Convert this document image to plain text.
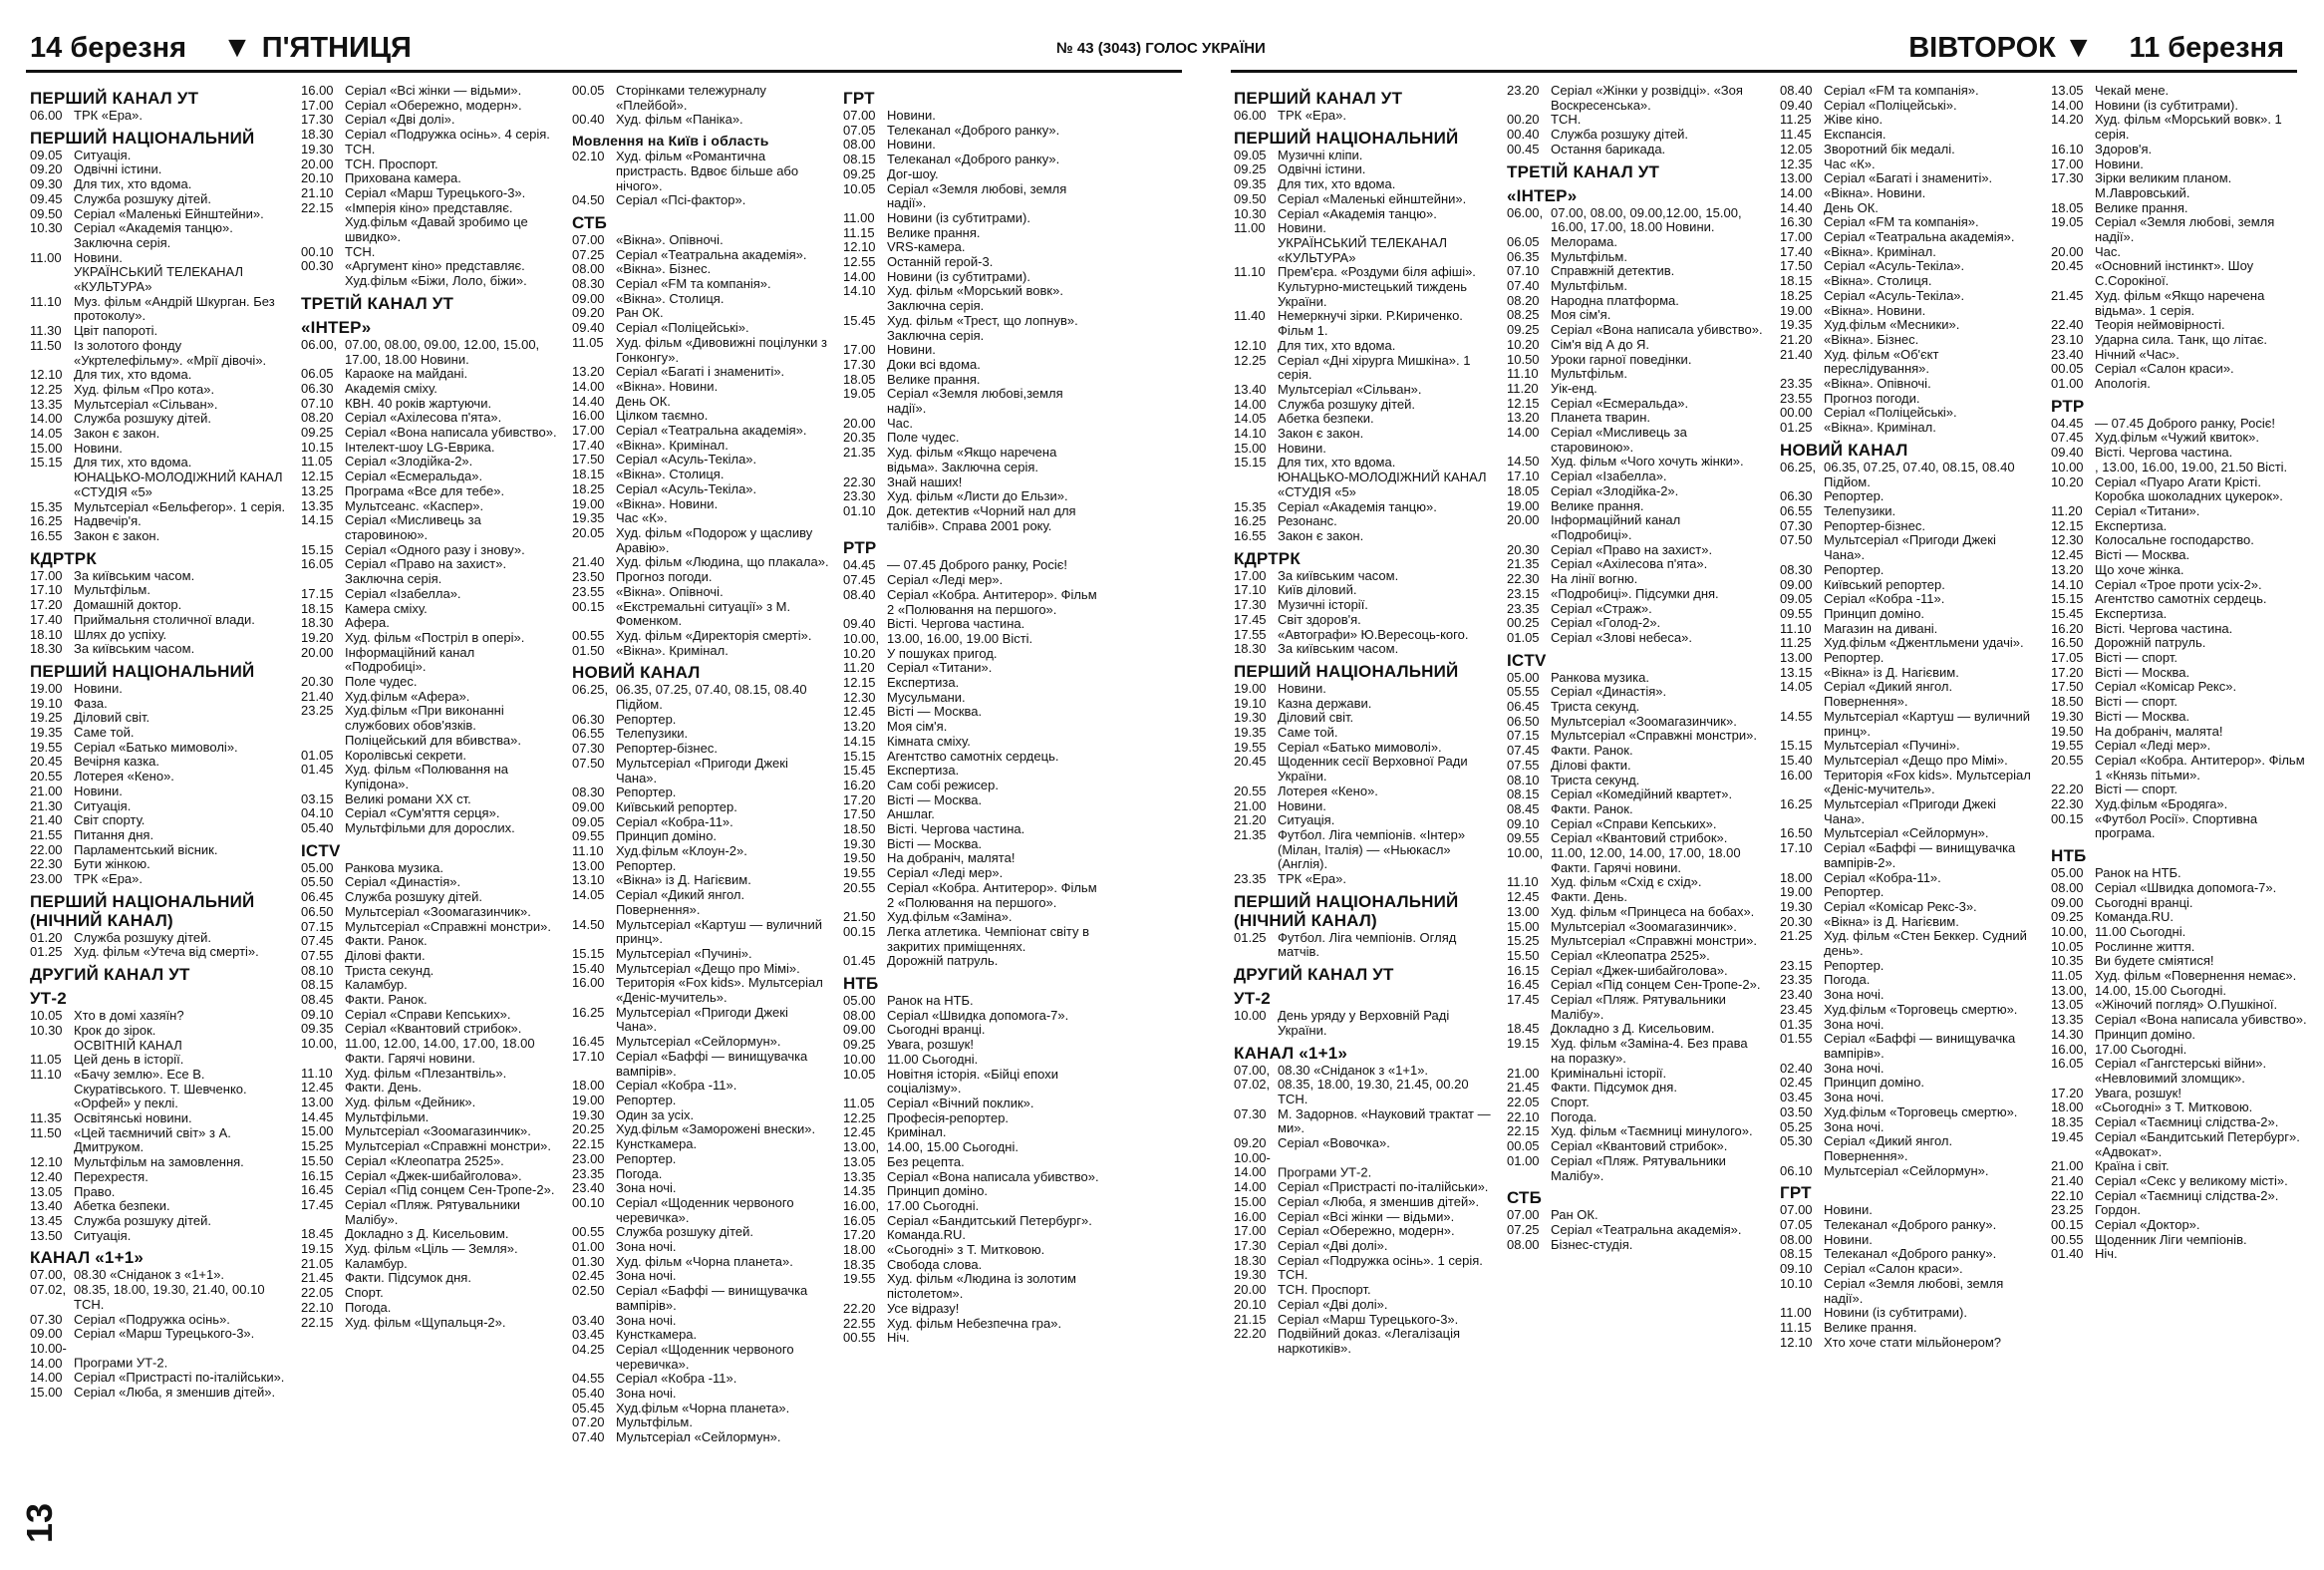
14 березня ▼ П'ЯТНИЦЯ	№ 43 (3043) ГОЛОС УКРАЇНИ	ВІВТОРОК ▼ 11 березня
ПЕРШИЙ КАНАЛ УТ
06.00 ТРК «Ера».
ПЕРШИЙ НАЦІОНАЛЬНИЙ
09.05 Ситуація.
09.20 Одвічні істини.
09.30 Для тих, хто вдома.
09.45 Служба розшуку дітей.
09.50 Серіал «Маленькі Ейнштейни».
10.30 Серіал «Академія танцю». Заключна серія.
11.00 Новини.
УКРАЇНСЬКИЙ ТЕЛЕКАНАЛ «КУЛЬТУРА»
11.10 Муз. фільм «Андрій Шкурган. Без протоколу».
11.30 Цвіт папороті.
11.50 Із золотого фонду «Укртелефільму». «Мрії дівочі».
12.10 Для тих, хто вдома.
12.25 Худ. фільм «Про кота».
13.35 Мультсеріал «Сільван».
14.00 Служба розшуку дітей.
14.05 Закон є закон.
15.00 Новини.
15.15 Для тих, хто вдома.
ЮНАЦЬКО-МОЛОДІЖНИЙ КАНАЛ «СТУДІЯ «5»
15.35 Мультсеріал «Бельфегор». 1 серія.
16.25 Надвечір'я.
16.55 Закон є закон.
КДРТРК
17.00 За київським часом.
17.10 Мультфільм.
17.20 Домашній доктор.
17.40 Приймальня столичної влади.
18.10 Шлях до успіху.
18.30 За київським часом.
ПЕРШИЙ НАЦІОНАЛЬНИЙ
19.00 Новини.
19.10 Фаза.
19.25 Діловий світ.
19.35 Саме той.
19.55 Серіал «Батько мимоволі».
20.45 Вечірня казка.
20.55 Лотерея «Кено».
21.00 Новини.
21.30 Ситуація.
21.40 Світ спорту.
21.55 Питання дня.
22.00 Парламентський вісник.
22.30 Бути жінкою.
23.00 ТРК «Ера».
ПЕРШИЙ НАЦІОНАЛЬНИЙ (НІЧНИЙ КАНАЛ)
01.20 Служба розшуку дітей.
01.25 Худ. фільм «Утеча від смерті».
ДРУГИЙ КАНАЛ УТ
УТ-2
10.05 Хто в домі хазяїн?
10.30 Крок до зірок.
ОСВІТНІЙ КАНАЛ
11.05 Цей день в історії.
11.10 «Бачу землю». Есе В. Скуратівського. Т. Шевченко. «Орфей» у пеклі.
11.35 Освітянські новини.
11.50 «Цей таємничий світ» з А. Дмитруком.
12.10 Мультфільм на замовлення.
12.40 Перехрестя.
13.05 Право.
13.40 Абетка безпеки.
13.45 Служба розшуку дітей.
13.50 Ситуація.
КАНАЛ «1+1»
07.00, 08.30 «Сніданок з «1+1».
07.02, 08.35, 18.00, 19.30, 21.40, 00.10 ТСН.
07.30 Серіал «Подружка осінь».
09.00 Серіал «Марш Турецького-3».
10.00-14.00 Програми УТ-2.
14.00 Серіал «Пристрасті по-італійськи».
15.00 Серіал «Люба, я зменшив дітей».
16.00 Серіал «Всі жінки — відьми».
17.00 Серіал «Обережно, модерн».
17.30 Серіал «Дві долі».
18.30 Серіал «Подружка осінь». 4 серія.
19.30 ТСН.
20.00 ТСН. Проспорт.
20.10 Прихована камера.
21.10 Серіал «Марш Турецького-3».
22.15 «Імперія кіно» представляє. Худ.фільм «Давай зробимо це швидко».
00.10 ТСН.
00.30 «Аргумент кіно» представляє. Худ.фільм «Біжи, Лоло, біжи».
ТРЕТІЙ КАНАЛ УТ
«ІНТЕР»
06.00, 07.00, 08.00, 09.00, 12.00, 15.00, 17.00, 18.00 Новини.
06.05 Караоке на майдані.
06.30 Академія сміху.
07.10 КВН. 40 років жартуючи.
08.20 Серіал «Ахілесова п'ята».
09.25 Серіал «Вона написала убивство».
10.15 Інтелект-шоу LG-Еврика.
11.05 Серіал «Злодійка-2».
12.15 Серіал «Есмеральда».
13.25 Програма «Все для тебе».
13.35 Мультсеанс. «Каспер».
14.15 Серіал «Мисливець за старовиною».
15.15 Серіал «Одного разу і знову».
16.05 Серіал «Право на захист». Заключна серія.
17.15 Серіал «Ізабелла».
18.15 Камера сміху.
18.30 Афера.
19.20 Худ. фільм «Постріл в опері».
20.00 Інформаційний канал «Подробиці».
20.30 Поле чудес.
21.40 Худ.фільм «Афера».
23.25 Худ.фільм «При виконанні службових обов'язків. Поліцейський для вбивства».
01.05 Королівські секрети.
01.45 Худ. фільм «Полювання на Купідона».
03.15 Великі романи XX ст.
04.10 Серіал «Сум'яття серця».
05.40 Мультфільми для дорослих.
ICTV
05.00 Ранкова музика.
05.50 Серіал «Династія».
06.45 Служба розшуку дітей.
06.50 Мультсеріал «Зоомагазинчик».
07.15 Мультсеріал «Справжні монстри».
07.45 Факти. Ранок.
07.55 Ділові факти.
08.10 Триста секунд.
08.15 Каламбур.
08.45 Факти. Ранок.
09.10 Серіал «Справи Кепських».
09.35 Серіал «Квантовий стрибок».
10.00, 11.00, 12.00, 14.00, 17.00, 18.00 Факти. Гарячі новини.
11.10 Худ. фільм «Плезантвіль».
12.45 Факти. День.
13.00 Худ. фільм «Дейник».
14.45 Мультфільми.
15.00 Мультсеріал «Зоомагазинчик».
15.25 Мультсеріал «Справжні монстри».
15.50 Серіал «Клеопатра 2525».
16.15 Серіал «Джек-шибайголова».
16.45 Серіал «Під сонцем Сен-Тропе-2».
17.45 Серіал «Пляж. Рятувальники Малібу».
18.45 Докладно з Д. Кисельовим.
19.15 Худ. фільм «Ціль — Земля».
21.05 Каламбур.
21.45 Факти. Підсумок дня.
22.05 Спорт.
22.10 Погода.
22.15 Худ. фільм «Щупальця-2».
00.05 Сторінками тележурналу «Плейбой».
00.40 Худ. фільм «Паніка».
Мовлення на Київ і область
02.10 Худ. фільм «Романтична пристрасть. Вдвоє більше або нічого».
04.50 Серіал «Псі-фактор».
СТБ
07.00 «Вікна». Опівночі.
07.25 Серіал «Театральна академія».
08.00 «Вікна». Бізнес.
08.30 Серіал «FM та компанія».
09.00 «Вікна». Столиця.
09.20 Ран ОК.
09.40 Серіал «Поліцейські».
11.05 Худ. фільм «Дивовижні поцілунки з Гонконгу».
13.20 Серіал «Багаті і знамениті».
14.00 «Вікна». Новини.
14.40 День ОК.
16.00 Цілком таємно.
17.00 Серіал «Театральна академія».
17.40 «Вікна». Кримінал.
17.50 Серіал «Асуль-Текіла».
18.15 «Вікна». Столиця.
18.25 Серіал «Асуль-Текіла».
19.00 «Вікна». Новини.
19.35 Час «К».
20.05 Худ. фільм «Подорож у щасливу Аравію».
21.40 Худ. фільм «Людина, що плакала».
23.50 Прогноз погоди.
23.55 «Вікна». Опівночі.
00.15 «Екстремальні ситуації» з М. Фоменком.
00.55 Худ. фільм «Директорія смерті».
01.50 «Вікна». Кримінал.
НОВИЙ КАНАЛ
06.25, 06.35, 07.25, 07.40, 08.15, 08.40 Підйом.
06.30 Репортер.
06.55 Телепузики.
07.30 Репортер-бізнес.
07.50 Мультсеріал «Пригоди Джекі Чана».
08.30 Репортер.
09.00 Київський репортер.
09.05 Серіал «Кобра-11».
09.55 Принцип доміно.
11.10 Худ.фільм «Клоун-2».
13.00 Репортер.
13.10 «Вікна» із Д. Нагієвим.
14.05 Серіал «Дикий янгол. Повернення».
14.50 Мультсеріал «Картуш — вуличний принц».
15.15 Мультсеріал «Пучині».
15.40 Мультсеріал «Дещо про Мімі».
16.00 Територія «Fox kids». Мультсеріал «Деніс-мучитель».
16.25 Мультсеріал «Пригоди Джекі Чана».
16.45 Мультсеріал «Сейлормун».
17.10 Серіал «Баффі — винищувачка вампірів».
18.00 Серіал «Кобра -11».
19.00 Репортер.
19.30 Один за усіх.
20.25 Худ.фільм «Заморожені внески».
22.15 Кунсткамера.
23.00 Репортер.
23.35 Погода.
23.40 Зона ночі.
00.10 Серіал «Щоденник червоного черевичка».
00.55 Служба розшуку дітей.
01.00 Зона ночі.
01.30 Худ. фільм «Чорна планета».
02.45 Зона ночі.
02.50 Серіал «Баффі — винищувачка вампірів».
03.40 Зона ночі.
03.45 Кунсткамера.
04.25 Серіал «Щоденник червоного черевичка».
04.55 Серіал «Кобра -11».
05.40 Зона ночі.
05.45 Худ.фільм «Чорна планета».
07.20 Мультфільм.
07.40 Мультсеріал «Сейлормун».
ГРТ
07.00 Новини.
07.05 Телеканал «Доброго ранку».
08.00 Новини.
08.15 Телеканал «Доброго ранку».
09.25 Дог-шоу.
10.05 Серіал «Земля любові, земля надії».
11.00 Новини (із субтитрами).
11.15 Велике прання.
12.10 VRS-камера.
12.55 Останній герой-3.
14.00 Новини (із субтитрами).
14.10 Худ. фільм «Морський вовк». Заключна серія.
15.45 Худ. фільм «Трест, що лопнув». Заключна серія.
17.00 Новини.
17.30 Доки всі вдома.
18.05 Велике прання.
19.05 Серіал «Земля любові,земля надії».
20.00 Час.
20.35 Поле чудес.
21.35 Худ. фільм «Якщо наречена відьма». Заключна серія.
22.30 Знай наших!
23.30 Худ. фільм «Листи до Ельзи».
01.10 Док. детектив «Чорний нал для талібів». Справа 2001 року.
РТР
04.45 — 07.45 Доброго ранку, Росіє!
07.45 Серіал «Леді мер».
08.40 Серіал «Кобра. Антитерор». Фільм 2 «Полювання на першого».
09.40 Вісті. Чергова частина.
10.00, 13.00, 16.00, 19.00 Вісті.
10.20 У пошуках пригод.
11.20 Серіал «Титани».
12.15 Експертиза.
12.30 Мусульмани.
12.45 Вісті — Москва.
13.20 Моя сім'я.
14.15 Кімната сміху.
15.15 Агентство самотніх сердець.
15.45 Експертиза.
16.20 Сам собі режисер.
17.20 Вісті — Москва.
17.50 Аншлаг.
18.50 Вісті. Чергова частина.
19.30 Вісті — Москва.
19.50 На добраніч, малята!
19.55 Серіал «Леді мер».
20.55 Серіал «Кобра. Антитерор». Фільм 2 «Полювання на першого».
21.50 Худ.фільм «Заміна».
00.15 Легка атлетика. Чемпіонат світу в закритих приміщеннях.
01.45 Дорожній патруль.
НТБ
05.00 Ранок на НТБ.
08.00 Серіал «Швидка допомога-7».
09.00 Сьогодні вранці.
09.25 Увага, розшук!
10.00 11.00 Сьогодні.
10.05 Новітня історія. «Бійці епохи соціалізму».
11.05 Серіал «Вічний поклик».
12.25 Професія-репортер.
12.45 Кримінал.
13.00, 14.00, 15.00 Сьогодні.
13.05 Без рецепта.
13.35 Серіал «Вона написала убивство».
14.35 Принцип доміно.
16.00, 17.00 Сьогодні.
16.05 Серіал «Бандитський Петербург».
17.20 Команда.RU.
18.00 «Сьогодні» з Т. Митковою.
18.35 Свобода слова.
19.55 Худ. фільм «Людина із золотим пістолетом».
22.20 Усе відразу!
22.55 Худ. фільм Небезпечна гра».
00.55 Ніч.
ПЕРШИЙ КАНАЛ УТ
06.00 ТРК «Ера».
ПЕРШИЙ НАЦІОНАЛЬНИЙ
09.05 Музичні кліпи.
09.25 Одвічні істини.
09.35 Для тих, хто вдома.
09.50 Серіал «Маленькі ейнштейни».
10.30 Серіал «Академія танцю».
11.00 Новини.
УКРАЇНСЬКИЙ ТЕЛЕКАНАЛ «КУЛЬТУРА»
11.10 Прем'єра. «Роздуми біля афіші». Культурно-мистецький тиждень України.
11.40 Немеркнучі зірки. Р.Кириченко. Фільм 1.
12.10 Для тих, хто вдома.
12.25 Серіал «Дні хірурга Мишкіна». 1 серія.
13.40 Мультсеріал «Сільван».
14.00 Служба розшуку дітей.
14.05 Абетка безпеки.
14.10 Закон є закон.
15.00 Новини.
15.15 Для тих, хто вдома.
ЮНАЦЬКО-МОЛОДІЖНИЙ КАНАЛ «СТУДІЯ «5»
15.35 Серіал «Академія танцю».
16.25 Резонанс.
16.55 Закон є закон.
КДРТРК
17.00 За київським часом.
17.10 Київ діловий.
17.30 Музичні історії.
17.45 Світ здоров'я.
17.55 «Автографи» Ю.Вересоць-кого.
18.30 За київським часом.
ПЕРШИЙ НАЦІОНАЛЬНИЙ
19.00 Новини.
19.10 Казна держави.
19.30 Діловий світ.
19.35 Саме той.
19.55 Серіал «Батько мимоволі».
20.45 Щоденник сесії Верховної Ради України.
20.55 Лотерея «Кено».
21.00 Новини.
21.20 Ситуація.
21.35 Футбол. Ліга чемпіонів. «Інтер» (Мілан, Італія) — «Ньюкасл» (Англія).
23.35 ТРК «Ера».
ПЕРШИЙ НАЦІОНАЛЬНИЙ (НІЧНИЙ КАНАЛ)
01.25 Футбол. Ліга чемпіонів. Огляд матчів.
ДРУГИЙ КАНАЛ УТ
УТ-2
10.00 День уряду у Верховній Раді України.
КАНАЛ «1+1»
07.00, 08.30 «Сніданок з «1+1».
07.02, 08.35, 18.00, 19.30, 21.45, 00.20 ТСН.
07.30 М. Задорнов. «Науковий трактат — ми».
09.20 Серіал «Вовочка».
10.00-14.00 Програми УТ-2.
14.00 Серіал «Пристрасті по-італійськи».
15.00 Серіал «Люба, я зменшив дітей».
16.00 Серіал «Всі жінки — відьми».
17.00 Серіал «Обережно, модерн».
17.30 Серіал «Дві долі».
18.30 Серіал «Подружка осінь». 1 серія.
19.30 ТСН.
20.00 ТСН. Проспорт.
20.10 Серіал «Дві долі».
21.15 Серіал «Марш Турецького-3».
22.20 Подвійний доказ. «Легалізація наркотиків».
23.20 Серіал «Жінки у розвідці». «Зоя Воскресенська».
00.20 ТСН.
00.40 Служба розшуку дітей.
00.45 Остання барикада.
ТРЕТІЙ КАНАЛ УТ
«ІНТЕР»
06.00, 07.00, 08.00, 09.00,12.00, 15.00, 16.00, 17.00, 18.00 Новини.
06.05 Мелорама.
06.35 Мультфільм.
07.10 Справжній детектив.
07.40 Мультфільм.
08.20 Народна платформа.
08.25 Моя сім'я.
09.25 Серіал «Вона написала убивство».
10.20 Сім'я від А до Я.
10.50 Уроки гарної поведінки.
11.10 Мультфільм.
11.20 Уік-енд.
12.15 Серіал «Есмеральда».
13.20 Планета тварин.
14.00 Серіал «Мисливець за старовиною».
14.50 Худ. фільм «Чого хочуть жінки».
17.10 Серіал «Ізабелла».
18.05 Серіал «Злодійка-2».
19.00 Велике прання.
20.00 Інформаційний канал «Подробиці».
20.30 Серіал «Право на захист».
21.35 Серіал «Ахілесова п'ята».
22.30 На лінії вогню.
23.15 «Подробиці». Підсумки дня.
23.35 Серіал «Страж».
00.25 Серіал «Голод-2».
01.05 Серіал «Злові небеса».
ICTV
05.00 Ранкова музика.
05.55 Серіал «Династія».
06.45 Триста секунд.
06.50 Мультсеріал «Зоомагазинчик».
07.15 Мультсеріал «Справжні монстри».
07.45 Факти. Ранок.
07.55 Ділові факти.
08.10 Триста секунд.
08.15 Серіал «Комедійний квартет».
08.45 Факти. Ранок.
09.10 Серіал «Справи Кепських».
09.55 Серіал «Квантовий стрибок».
10.00, 11.00, 12.00, 14.00, 17.00, 18.00 Факти. Гарячі новини.
11.10 Худ. фільм «Схід є схід».
12.45 Факти. День.
13.00 Худ. фільм «Принцеса на бобах».
15.00 Мультсеріал «Зоомагазинчик».
15.25 Мультсеріал «Справжні монстри».
15.50 Серіал «Клеопатра 2525».
16.15 Серіал «Джек-шибайголова».
16.45 Серіал «Під сонцем Сен-Тропе-2».
17.45 Серіал «Пляж. Рятувальники Малібу».
18.45 Докладно з Д. Кисельовим.
19.15 Худ. фільм «Заміна-4. Без права на поразку».
21.00 Кримінальні історії.
21.45 Факти. Підсумок дня.
22.05 Спорт.
22.10 Погода.
22.15 Худ. фільм «Таємниці минулого».
00.05 Серіал «Квантовий стрибок».
01.00 Серіал «Пляж. Рятувальники Малібу».
СТБ
07.00 Ран ОК.
07.25 Серіал «Театральна академія».
08.00 Бізнес-студія.
08.40 Серіал «FM та компанія».
09.40 Серіал «Поліцейські».
11.25 Жіве кіно.
11.45 Експансія.
12.05 Зворотний бік медалі.
12.35 Час «К».
13.00 Серіал «Багаті і знамениті».
14.00 «Вікна». Новини.
14.40 День ОК.
16.30 Серіал «FM та компанія».
17.00 Серіал «Театральна академія».
17.40 «Вікна». Кримінал.
17.50 Серіал «Асуль-Текіла».
18.15 «Вікна». Столиця.
18.25 Серіал «Асуль-Текіла».
19.00 «Вікна». Новини.
19.35 Худ.фільм «Месники».
21.20 «Вікна». Бізнес.
21.40 Худ. фільм «Об'єкт переслідування».
23.35 «Вікна». Опівночі.
23.55 Прогноз погоди.
00.00 Серіал «Поліцейські».
01.25 «Вікна». Кримінал.
НОВИЙ КАНАЛ
06.25, 06.35, 07.25, 07.40, 08.15, 08.40 Підйом.
06.30 Репортер.
06.55 Телепузики.
07.30 Репортер-бізнес.
07.50 Мультсеріал «Пригоди Джекі Чана».
08.30 Репортер.
09.00 Київський репортер.
09.05 Серіал «Кобра -11».
09.55 Принцип доміно.
11.10 Магазин на дивані.
11.25 Худ.фільм «Джентльмени удачі».
13.00 Репортер.
13.15 «Вікна» із Д. Нагієвим.
14.05 Серіал «Дикий янгол. Повернення».
14.55 Мультсеріал «Картуш — вуличний принц».
15.15 Мультсеріал «Пучині».
15.40 Мультсеріал «Дещо про Мімі».
16.00 Територія «Fox kids». Мультсеріал «Деніс-мучитель».
16.25 Мультсеріал «Пригоди Джекі Чана».
16.50 Мультсеріал «Сейлормун».
17.10 Серіал «Баффі — винищувачка вампірів-2».
18.00 Серіал «Кобра-11».
19.00 Репортер.
19.30 Серіал «Комісар Рекс-3».
20.30 «Вікна» із Д. Нагієвим.
21.25 Худ. фільм «Стен Беккер. Судний день».
23.15 Репортер.
23.35 Погода.
23.40 Зона ночі.
23.45 Худ.фільм «Торговець смертю».
01.35 Зона ночі.
01.55 Серіал «Баффі — винищувачка вампірів».
02.40 Зона ночі.
02.45 Принцип доміно.
03.45 Зона ночі.
03.50 Худ.фільм «Торговець смертю».
05.25 Зона ночі.
05.30 Серіал «Дикий янгол. Повернення».
06.10 Мультсеріал «Сейлормун».
ГРТ
07.00 Новини.
07.05 Телеканал «Доброго ранку».
08.00 Новини.
08.15 Телеканал «Доброго ранку».
09.10 Серіал «Салон краси».
10.10 Серіал «Земля любові, земля надії».
11.00 Новини (із субтитрами).
11.15 Велике прання.
12.10 Хто хоче стати мільйонером?
13.05 Чекай мене.
14.00 Новини (із субтитрами).
14.20 Худ. фільм «Морський вовк». 1 серія.
16.10 Здоров'я.
17.00 Новини.
17.30 Зірки великим планом. М.Лавровський.
18.05 Велике прання.
19.05 Серіал «Земля любові, земля надії».
20.00 Час.
20.45 «Основний інстинкт». Шоу С.Сорокіної.
21.45 Худ. фільм «Якщо наречена відьма». 1 серія.
22.40 Теорія неймовірності.
23.10 Ударна сила. Танк, що літає.
23.40 Нічний «Час».
00.05 Серіал «Салон краси».
01.00 Апологія.
РТР
04.45 — 07.45 Доброго ранку, Росіє!
07.45 Худ.фільм «Чужий квиток».
09.40 Вісті. Чергова частина.
10.00 , 13.00, 16.00, 19.00, 21.50 Вісті.
10.20 Серіал «Пуаро Агати Крісті. Коробка шоколадних цукерок».
11.20 Серіал «Титани».
12.15 Експертиза.
12.30 Колосальне господарство.
12.45 Вісті — Москва.
13.20 Що хоче жінка.
14.10 Серіал «Трое проти усіх-2».
15.15 Агентство самотніх сердець.
15.45 Експертиза.
16.20 Вісті. Чергова частина.
16.50 Дорожній патруль.
17.05 Вісті — спорт.
17.20 Вісті — Москва.
17.50 Серіал «Комісар Рекс».
18.50 Вісті — спорт.
19.30 Вісті — Москва.
19.50 На добраніч, малята!
19.55 Серіал «Леді мер».
20.55 Серіал «Кобра. Антитерор». Фільм 1 «Князь пітьми».
22.20 Вісті — спорт.
22.30 Худ.фільм «Бродяга».
00.15 «Футбол Росії». Спортивна програма.
НТБ
05.00 Ранок на НТБ.
08.00 Серіал «Швидка допомога-7».
09.00 Сьогодні вранці.
09.25 Команда.RU.
10.00, 11.00 Сьогодні.
10.05 Рослинне життя.
10.35 Ви будете сміятися!
11.05 Худ. фільм «Повернення немає».
13.00, 14.00, 15.00 Сьогодні.
13.05 «Жіночий погляд» О.Пушкіної.
13.35 Серіал «Вона написала убивство».
14.30 Принцип доміно.
16.00, 17.00 Сьогодні.
16.05 Серіал «Гангстерські війни». «Невловимий зломщик».
17.20 Увага, розшук!
18.00 «Сьогодні» з Т. Митковою.
18.35 Серіал «Таємниці слідства-2».
19.45 Серіал «Бандитський Петербург». «Адвокат».
21.00 Країна і світ.
21.40 Серіал «Секс у великому місті».
22.10 Серіал «Таємниці слідства-2».
23.25 Гордон.
00.15 Серіал «Доктор».
00.55 Щоденник Ліги чемпіонів.
01.40 Ніч.
13
